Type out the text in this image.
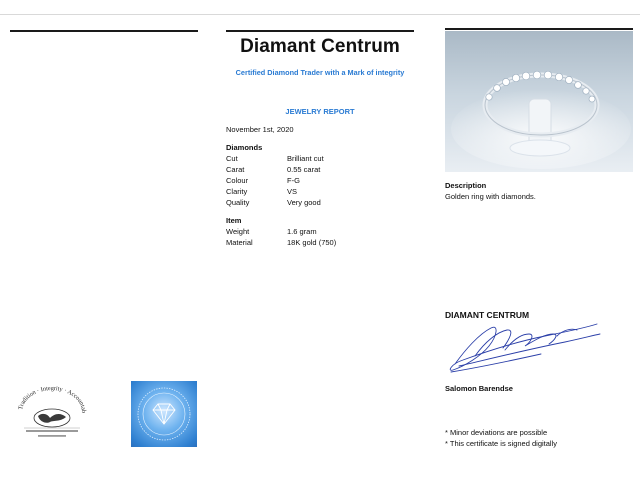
Diamant Centrum
Certified Diamond Trader with a Mark of integrity
JEWELRY REPORT
November 1st, 2020
Diamonds
Cut	Brilliant cut
Carat	0.55 carat
Colour	F-G
Clarity	VS
Quality	Very good
Item
Weight	1.6 gram
Material	18K gold (750)
Description
Golden ring with diamonds.
DIAMANT CENTRUM
Salomon Barendse
* Minor deviations are possible
* This certificate is signed digitally
Tradition · Integrity · Accountab
